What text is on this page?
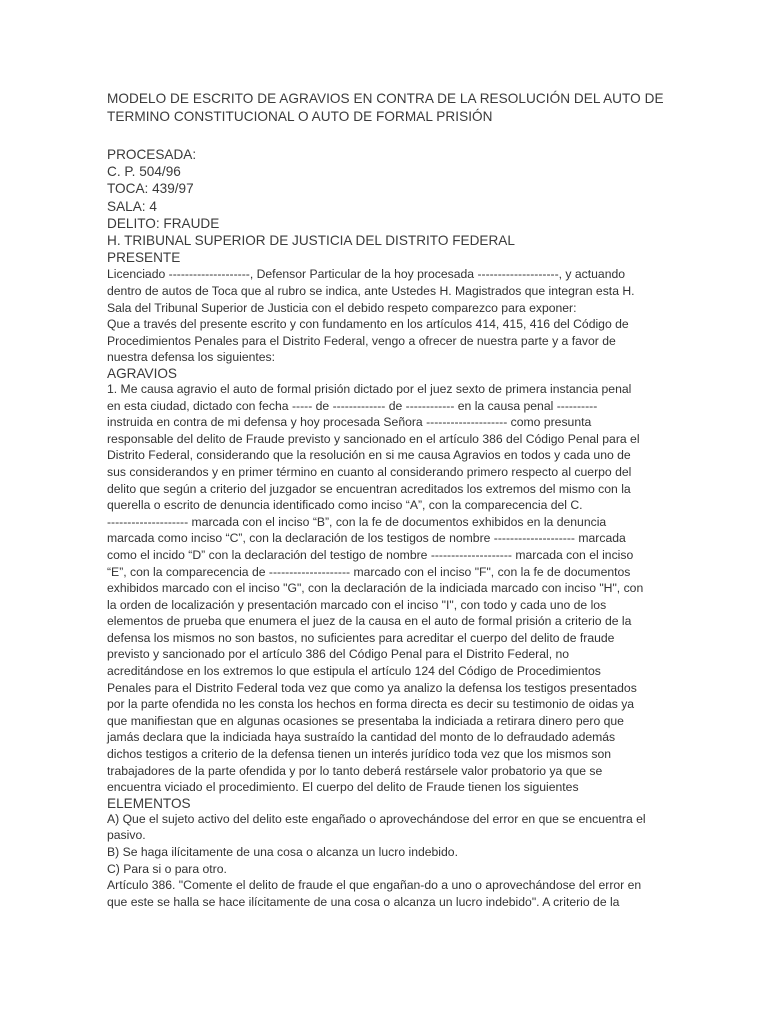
MODELO DE ESCRITO DE AGRAVIOS EN CONTRA DE LA RESOLUCIÓN DEL AUTO DE
TERMINO CONSTITUCIONAL O AUTO DE FORMAL PRISIÓN
PROCESADA:
C. P. 504/96
TOCA: 439/97
SALA: 4
DELITO: FRAUDE
H. TRIBUNAL SUPERIOR DE JUSTICIA DEL DISTRITO FEDERAL
PRESENTE
Licenciado --------------------, Defensor Particular de la hoy procesada --------------------, y actuando
dentro de autos de Toca que al rubro se indica, ante Ustedes H. Magistrados que integran esta H.
Sala del Tribunal Superior de Justicia con el debido respeto comparezco para exponer:
Que a través del presente escrito y con fundamento en los artículos 414, 415, 416 del Código de
Procedimientos Penales para el Distrito Federal, vengo a ofrecer de nuestra parte y a favor de
nuestra defensa los siguientes:
AGRAVIOS
1. Me causa agravio el auto de formal prisión dictado por el juez sexto de primera instancia penal
en esta ciudad, dictado con fecha ----- de ------------- de ------------ en la causa penal ----------
instruida en contra de mi defensa y hoy procesada Señora -------------------- como presunta
responsable del delito de Fraude previsto y sancionado en el artículo 386 del Código Penal para el
Distrito Federal, considerando que la resolución en si me causa Agravios en todos y cada uno de
sus considerandos y en primer término en cuanto al considerando primero respecto al cuerpo del
delito que según a criterio del juzgador se encuentran acreditados los extremos del mismo con la
querella o escrito de denuncia identificado como inciso “A”, con la comparecencia del C.
-------------------- marcada con el inciso “B”, con la fe de documentos exhibidos en la denuncia
marcada como inciso “C”, con la declaración de los testigos de nombre -------------------- marcada
como el incido “D” con la declaración del testigo de nombre -------------------- marcada con el inciso
“E”, con la comparecencia de -------------------- marcado con el inciso "F", con la fe de documentos
exhibidos marcado con el inciso "G", con la declaración de la indiciada marcado con inciso "H", con
la orden de localización y presentación marcado con el inciso "I", con todo y cada uno de los
elementos de prueba que enumera el juez de la causa en el auto de formal prisión a criterio de la
defensa los mismos no son bastos, no suficientes para acreditar el cuerpo del delito de fraude
previsto y sancionado por el artículo 386 del Código Penal para el Distrito Federal, no
acreditándose en los extremos lo que estipula el artículo 124 del Código de Procedimientos
Penales para el Distrito Federal toda vez que como ya analizo la defensa los testigos presentados
por la parte ofendida no les consta los hechos en forma directa es decir su testimonio de oidas ya
que manifiestan que en algunas ocasiones se presentaba la indiciada a retirara dinero pero que
jamás declara que la indiciada haya sustraído la cantidad del monto de lo defraudado además
dichos testigos a criterio de la defensa tienen un interés jurídico toda vez que los mismos son
trabajadores de la parte ofendida y por lo tanto deberá restársele valor probatorio ya que se
encuentra viciado el procedimiento. El cuerpo del delito de Fraude tienen los siguientes
ELEMENTOS
A) Que el sujeto activo del delito este engañado o aprovechándose del error en que se encuentra el
pasivo.
B) Se haga ilícitamente de una cosa o alcanza un lucro indebido.
C) Para si o para otro.
Artículo 386. "Comente el delito de fraude el que engañan-do a uno o aprovechándose del error en
que este se halla se hace ilícitamente de una cosa o alcanza un lucro indebido". A criterio de la
